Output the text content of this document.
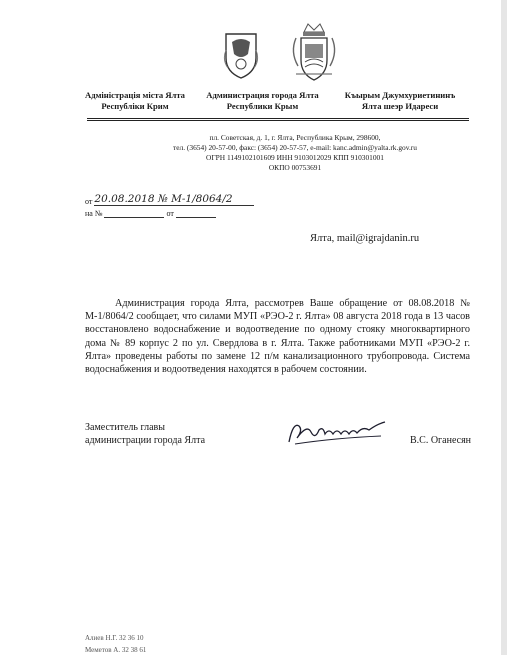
Адміністрація міста Ялта
Республіки Крим
Администрация города Ялта
Республики Крым
Къырым Джумхуриетининъ
Ялта шеэр Идареси
пл. Советская, д. 1, г. Ялта, Республика Крым, 298600,
тел. (3654) 20-57-00, факс: (3654) 20-57-57, e-mail: kanc.admin@yalta.rk.gov.ru
ОГРН 1149102101609 ИНН 9103012029 КПП 910301001
ОКПО 00753691
от 20.08.2018 № М-1/8064/2
на №	от
Ялта, mail@igrajdanin.ru

Администрация города Ялта, рассмотрев Ваше обращение от 08.08.2018 № М-1/8064/2 сообщает, что силами МУП «РЭО-2 г. Ялта» 08 августа 2018 года в 13 часов восстановлено водоснабжение и водоотведение по одному стояку многоквартирного дома № 89 корпус 2 по ул. Свердлова в г. Ялта. Также работниками МУП «РЭО-2 г. Ялта» проведены работы по замене 12 п/м канализационного трубопровода. Система водоснабжения и водоотведения находятся в рабочем состоянии.

Заместитель главы
администрации города Ялта	В.С. Оганесян
Алиев Н.Г. 32 36 10
Меметов А. 32 38 61
